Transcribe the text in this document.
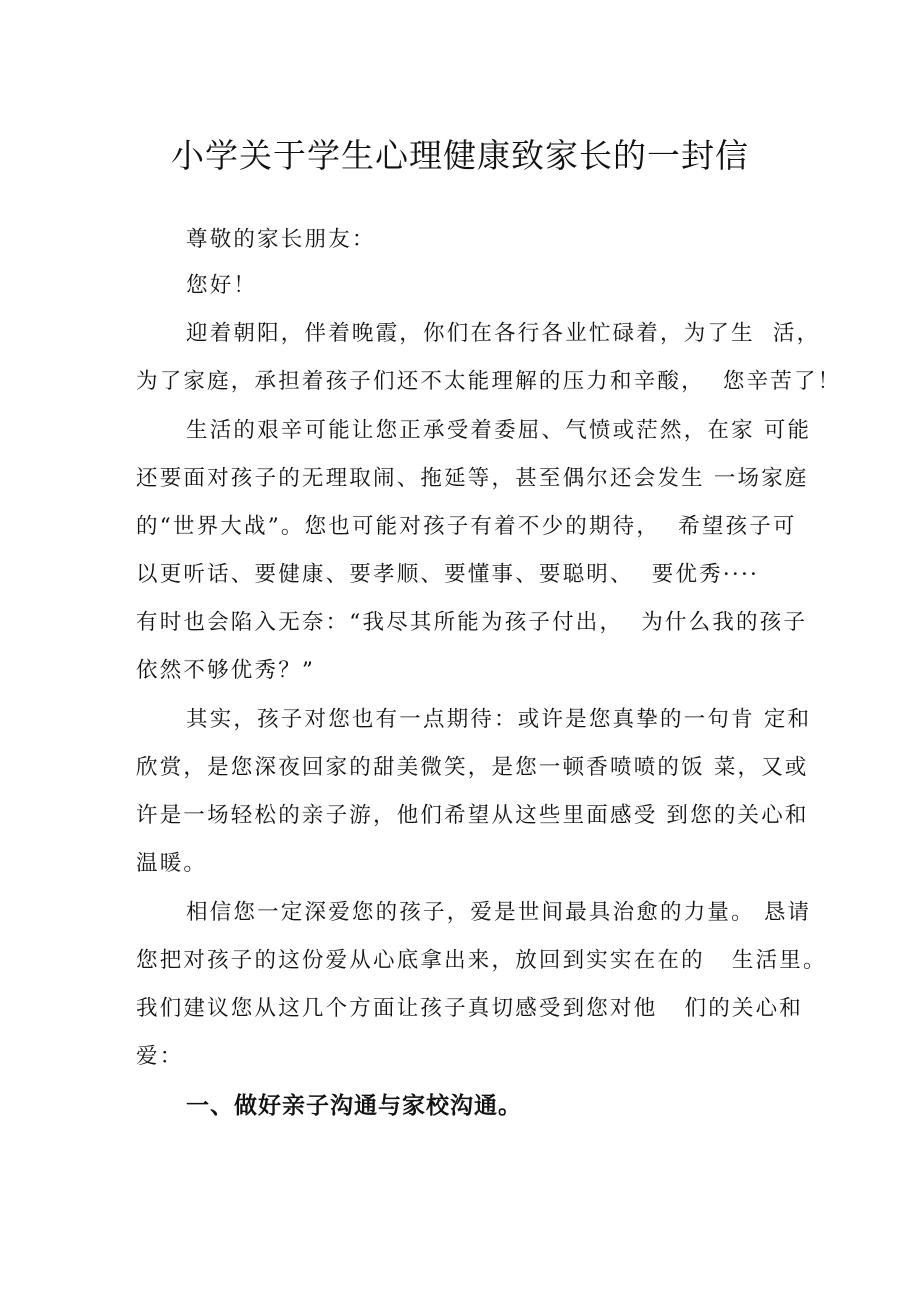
小学关于学生心理健康致家长的一封信

尊敬的家长朋友：

您好！

迎着朝阳，伴着晚霞，你们在各行各业忙碌着，为了生  活，

为了家庭，承担着孩子们还不太能理解的压力和辛酸，  您辛苦了！

生活的艰辛可能让您正承受着委屈、气愤或茫然，在家 可能

还要面对孩子的无理取闹、拖延等，甚至偶尔还会发生 一场家庭

的“世界大战”。您也可能对孩子有着不少的期待，  希望孩子可

以更听话、要健康、要孝顺、要懂事、要聪明、  要优秀····

有时也会陷入无奈：“我尽其所能为孩子付出，  为什么我的孩子

依然不够优秀？”

其实，孩子对您也有一点期待：或许是您真挚的一句肯 定和

欣赏，是您深夜回家的甜美微笑，是您一顿香喷喷的饭 菜，又或

许是一场轻松的亲子游，他们希望从这些里面感受 到您的关心和

温暖。

相信您一定深爱您的孩子，爱是世间最具治愈的力量。 恳请

您把对孩子的这份爱从心底拿出来，放回到实实在在的   生活里。

我们建议您从这几个方面让孩子真切感受到您对他   们的关心和

爱：

一、做好亲子沟通与家校沟通。
